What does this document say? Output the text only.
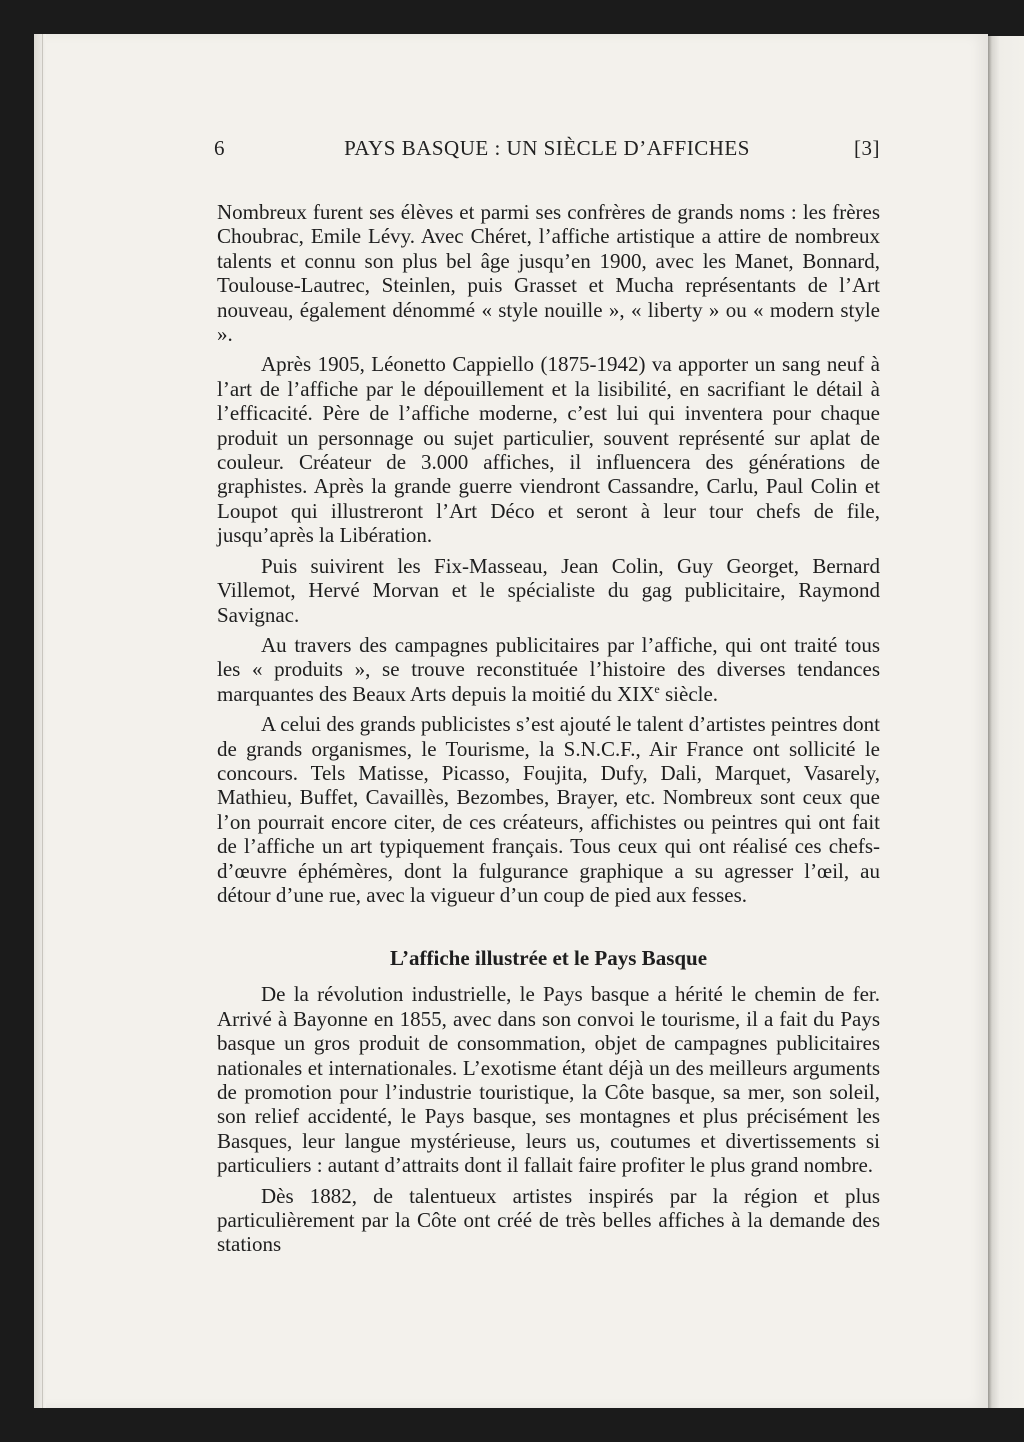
6	PAYS BASQUE : UN SIÈCLE D’AFFICHES	[3]

Nombreux furent ses élèves et parmi ses confrères de grands noms : les frères Choubrac, Emile Lévy. Avec Chéret, l’affiche artistique a attire de nombreux talents et connu son plus bel âge jusqu’en 1900, avec les Manet, Bonnard, Toulouse-Lautrec, Steinlen, puis Grasset et Mucha représentants de l’Art nouveau, également dénommé « style nouille », « liberty » ou « modern style ».

Après 1905, Léonetto Cappiello (1875-1942) va apporter un sang neuf à l’art de l’affiche par le dépouillement et la lisibilité, en sacrifiant le détail à l’efficacité. Père de l’affiche moderne, c’est lui qui inventera pour chaque produit un personnage ou sujet particulier, souvent représenté sur aplat de couleur. Créateur de 3.000 affiches, il influencera des générations de graphistes. Après la grande guerre viendront Cassandre, Carlu, Paul Colin et Loupot qui illustreront l’Art Déco et seront à leur tour chefs de file, jusqu’après la Libération.

Puis suivirent les Fix-Masseau, Jean Colin, Guy Georget, Bernard Villemot, Hervé Morvan et le spécialiste du gag publicitaire, Raymond Savignac.

Au travers des campagnes publicitaires par l’affiche, qui ont traité tous les « produits », se trouve reconstituée l’histoire des diverses tendances marquantes des Beaux Arts depuis la moitié du XIXe siècle.

A celui des grands publicistes s’est ajouté le talent d’artistes peintres dont de grands organismes, le Tourisme, la S.N.C.F., Air France ont sollicité le concours. Tels Matisse, Picasso, Foujita, Dufy, Dali, Marquet, Vasarely, Mathieu, Buffet, Cavaillès, Bezombes, Brayer, etc. Nombreux sont ceux que l’on pourrait encore citer, de ces créateurs, affichistes ou peintres qui ont fait de l’affiche un art typiquement français. Tous ceux qui ont réalisé ces chefs-d’œuvre éphémères, dont la fulgurance graphique a su agresser l’œil, au détour d’une rue, avec la vigueur d’un coup de pied aux fesses.

L’affiche illustrée et le Pays Basque

De la révolution industrielle, le Pays basque a hérité le chemin de fer. Arrivé à Bayonne en 1855, avec dans son convoi le tourisme, il a fait du Pays basque un gros produit de consommation, objet de campagnes publicitaires nationales et internationales. L’exotisme étant déjà un des meilleurs arguments de promotion pour l’industrie touristique, la Côte basque, sa mer, son soleil, son relief accidenté, le Pays basque, ses montagnes et plus précisément les Basques, leur langue mystérieuse, leurs us, coutumes et divertissements si particuliers : autant d’attraits dont il fallait faire profiter le plus grand nombre.

Dès 1882, de talentueux artistes inspirés par la région et plus particulièrement par la Côte ont créé de très belles affiches à la demande des stations
